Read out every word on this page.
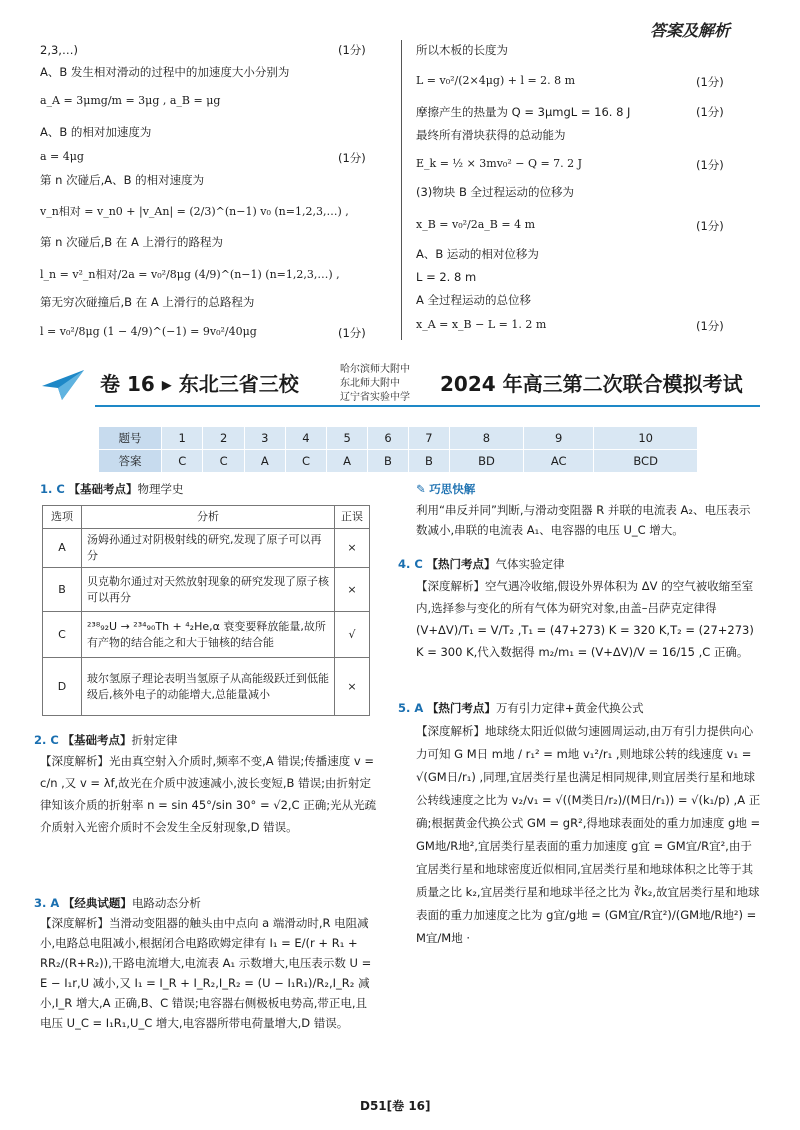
答案及解析
2,3,…)	(1分)
A、B 发生相对滑动的过程中的加速度大小分别为
a_A = 3μmg/m = 3μg , a_B = μg
A、B 的相对加速度为
a = 4μg	(1分)
第 n 次碰后,A、B 的相对速度为
v_n相对 = v_n0 + |v_An| = (2/3)^(n−1) v₀ (n=1,2,3,…) ,
第 n 次碰后,B 在 A 上滑行的路程为
l_n = v²_n相对/2a = v₀²/8μg (4/9)^(n−1) (n=1,2,3,…) ,
第无穷次碰撞后,B 在 A 上滑行的总路程为
l = v₀²/8μg (1 − 4/9)^(−1) = 9v₀²/40μg	(1分)
所以木板的长度为
L = v₀²/(2×4μg) + l = 2. 8 m	(1分)
摩擦产生的热量为 Q = 3μmgL = 16. 8 J	(1分)
最终所有滑块获得的总动能为
E_k = ½ × 3mv₀² − Q = 7. 2 J	(1分)
(3)物块 B 全过程运动的位移为
x_B = v₀²/2a_B = 4 m	(1分)
A、B 运动的相对位移为
L = 2. 8 m
A 全过程运动的总位移
x_A = x_B − L = 1. 2 m	(1分)
卷 16 ▸ 东北三省三校
哈尔滨师大附中
东北师大附中
辽宁省实验中学
2024 年高三第二次联合模拟考试
题号	1	2	3	4	5	6	7	8	9	10
答案	C	C	A	C	A	B	B	BD	AC	BCD
1. C 【基础考点】物理学史
选项	分析	正误
A	汤姆孙通过对阴极射线的研究,发现了原子可以再分	×
B	贝克勒尔通过对天然放射现象的研究发现了原子核可以再分	×
C	²³⁸₉₂U → ²³⁴₉₀Th + ⁴₂He,α 衰变要释放能量,故所有产物的结合能之和大于铀核的结合能	√
D	玻尔氢原子理论表明当氢原子从高能级跃迁到低能级后,核外电子的动能增大,总能量减小	×
2. C 【基础考点】折射定律
【深度解析】光由真空射入介质时,频率不变,A 错误;传播速度 v = c/n ,又 v = λf,故光在介质中波速减小,波长变短,B 错误;由折射定律知该介质的折射率 n = sin 45°/sin 30° = √2,C 正确;光从光疏介质射入光密介质时不会发生全反射现象,D 错误。
3. A 【经典试题】电路动态分析
【深度解析】当滑动变阻器的触头由中点向 a 端滑动时,R 电阻减小,电路总电阻减小,根据闭合电路欧姆定律有 I₁ = E/(r + R₁ + RR₂/(R+R₂)),干路电流增大,电流表 A₁ 示数增大,电压表示数 U = E − I₁r,U 减小,又 I₁ = I_R + I_R₂,I_R₂ = (U − I₁R₁)/R₂,I_R₂ 减小,I_R 增大,A 正确,B、C 错误;电容器右侧极板电势高,带正电,且电压 U_C = I₁R₁,U_C 增大,电容器所带电荷量增大,D 错误。
✎ 巧思快解
利用“串反并同”判断,与滑动变阻器 R 并联的电流表 A₂、电压表示数减小,串联的电流表 A₁、电容器的电压 U_C 增大。
4. C 【热门考点】气体实验定律
【深度解析】空气遇冷收缩,假设外界体积为 ΔV 的空气被收缩至室内,选择参与变化的所有气体为研究对象,由盖–吕萨克定律得 (V+ΔV)/T₁ = V/T₂ ,T₁ = (47+273) K = 320 K,T₂ = (27+273) K = 300 K,代入数据得 m₂/m₁ = (V+ΔV)/V = 16/15 ,C 正确。
5. A 【热门考点】万有引力定律+黄金代换公式
【深度解析】地球绕太阳近似做匀速圆周运动,由万有引力提供向心力可知 G M日 m地 / r₁² = m地 v₁²/r₁ ,则地球公转的线速度 v₁ = √(GM日/r₁) ,同理,宜居类行星也满足相同规律,则宜居类行星和地球公转线速度之比为 v₂/v₁ = √((M类日/r₂)/(M日/r₁)) = √(k₁/p) ,A 正确;根据黄金代换公式 GM = gR²,得地球表面处的重力加速度 g地 = GM地/R地²,宜居类行星表面的重力加速度 g宜 = GM宜/R宜²,由于宜居类行星和地球密度近似相同,宜居类行星和地球体积之比等于其质量之比 k₂,宜居类行星和地球半径之比为 ∛k₂,故宜居类行星和地球表面的重力加速度之比为 g宜/g地 = (GM宜/R宜²)/(GM地/R地²) = M宜/M地 ·
D51[卷 16]
